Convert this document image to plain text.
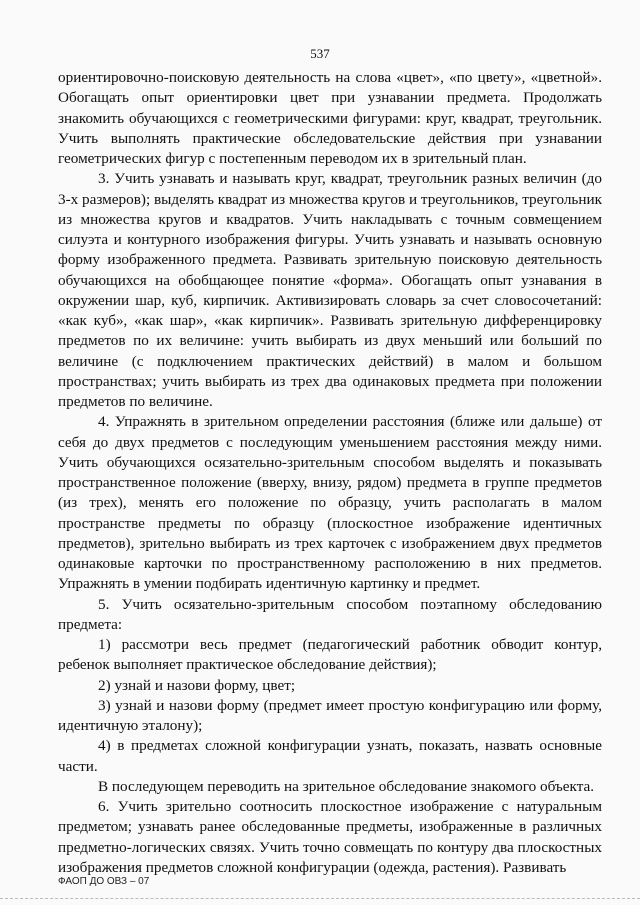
537

ориентировочно-поисковую деятельность на слова «цвет», «по цвету», «цветной». Обогащать опыт ориентировки цвет при узнавании предмета. Продолжать знакомить обучающихся с геометрическими фигурами: круг, квадрат, треугольник. Учить выполнять практические обследовательские действия при узнавании геометрических фигур с постепенным переводом их в зрительный план.

3. Учить узнавать и называть круг, квадрат, треугольник разных величин (до 3-х размеров); выделять квадрат из множества кругов и треугольников, треугольник из множества кругов и квадратов. Учить накладывать с точным совмещением силуэта и контурного изображения фигуры. Учить узнавать и называть основную форму изображенного предмета. Развивать зрительную поисковую деятельность обучающихся на обобщающее понятие «форма». Обогащать опыт узнавания в окружении шар, куб, кирпичик. Активизировать словарь за счет словосочетаний: «как куб», «как шар», «как кирпичик». Развивать зрительную дифференцировку предметов по их величине: учить выбирать из двух меньший или больший по величине (с подключением практических действий) в малом и большом пространствах; учить выбирать из трех два одинаковых предмета при положении предметов по величине.

4. Упражнять в зрительном определении расстояния (ближе или дальше) от себя до двух предметов с последующим уменьшением расстояния между ними. Учить обучающихся осязательно-зрительным способом выделять и показывать пространственное положение (вверху, внизу, рядом) предмета в группе предметов (из трех), менять его положение по образцу, учить располагать в малом пространстве предметы по образцу (плоскостное изображение идентичных предметов), зрительно выбирать из трех карточек с изображением двух предметов одинаковые карточки по пространственному расположению в них предметов. Упражнять в умении подбирать идентичную картинку и предмет.

5. Учить осязательно-зрительным способом поэтапному обследованию предмета:

1) рассмотри весь предмет (педагогический работник обводит контур, ребенок выполняет практическое обследование действия);

2) узнай и назови форму, цвет;

3) узнай и назови форму (предмет имеет простую конфигурацию или форму, идентичную эталону);

4) в предметах сложной конфигурации узнать, показать, назвать основные части.

В последующем переводить на зрительное обследование знакомого объекта.

6. Учить зрительно соотносить плоскостное изображение с натуральным предметом; узнавать ранее обследованные предметы, изображенные в различных предметно-логических связях. Учить точно совмещать по контуру два плоскостных изображения предметов сложной конфигурации (одежда, растения). Развивать

ФАОП ДО ОВЗ – 07
